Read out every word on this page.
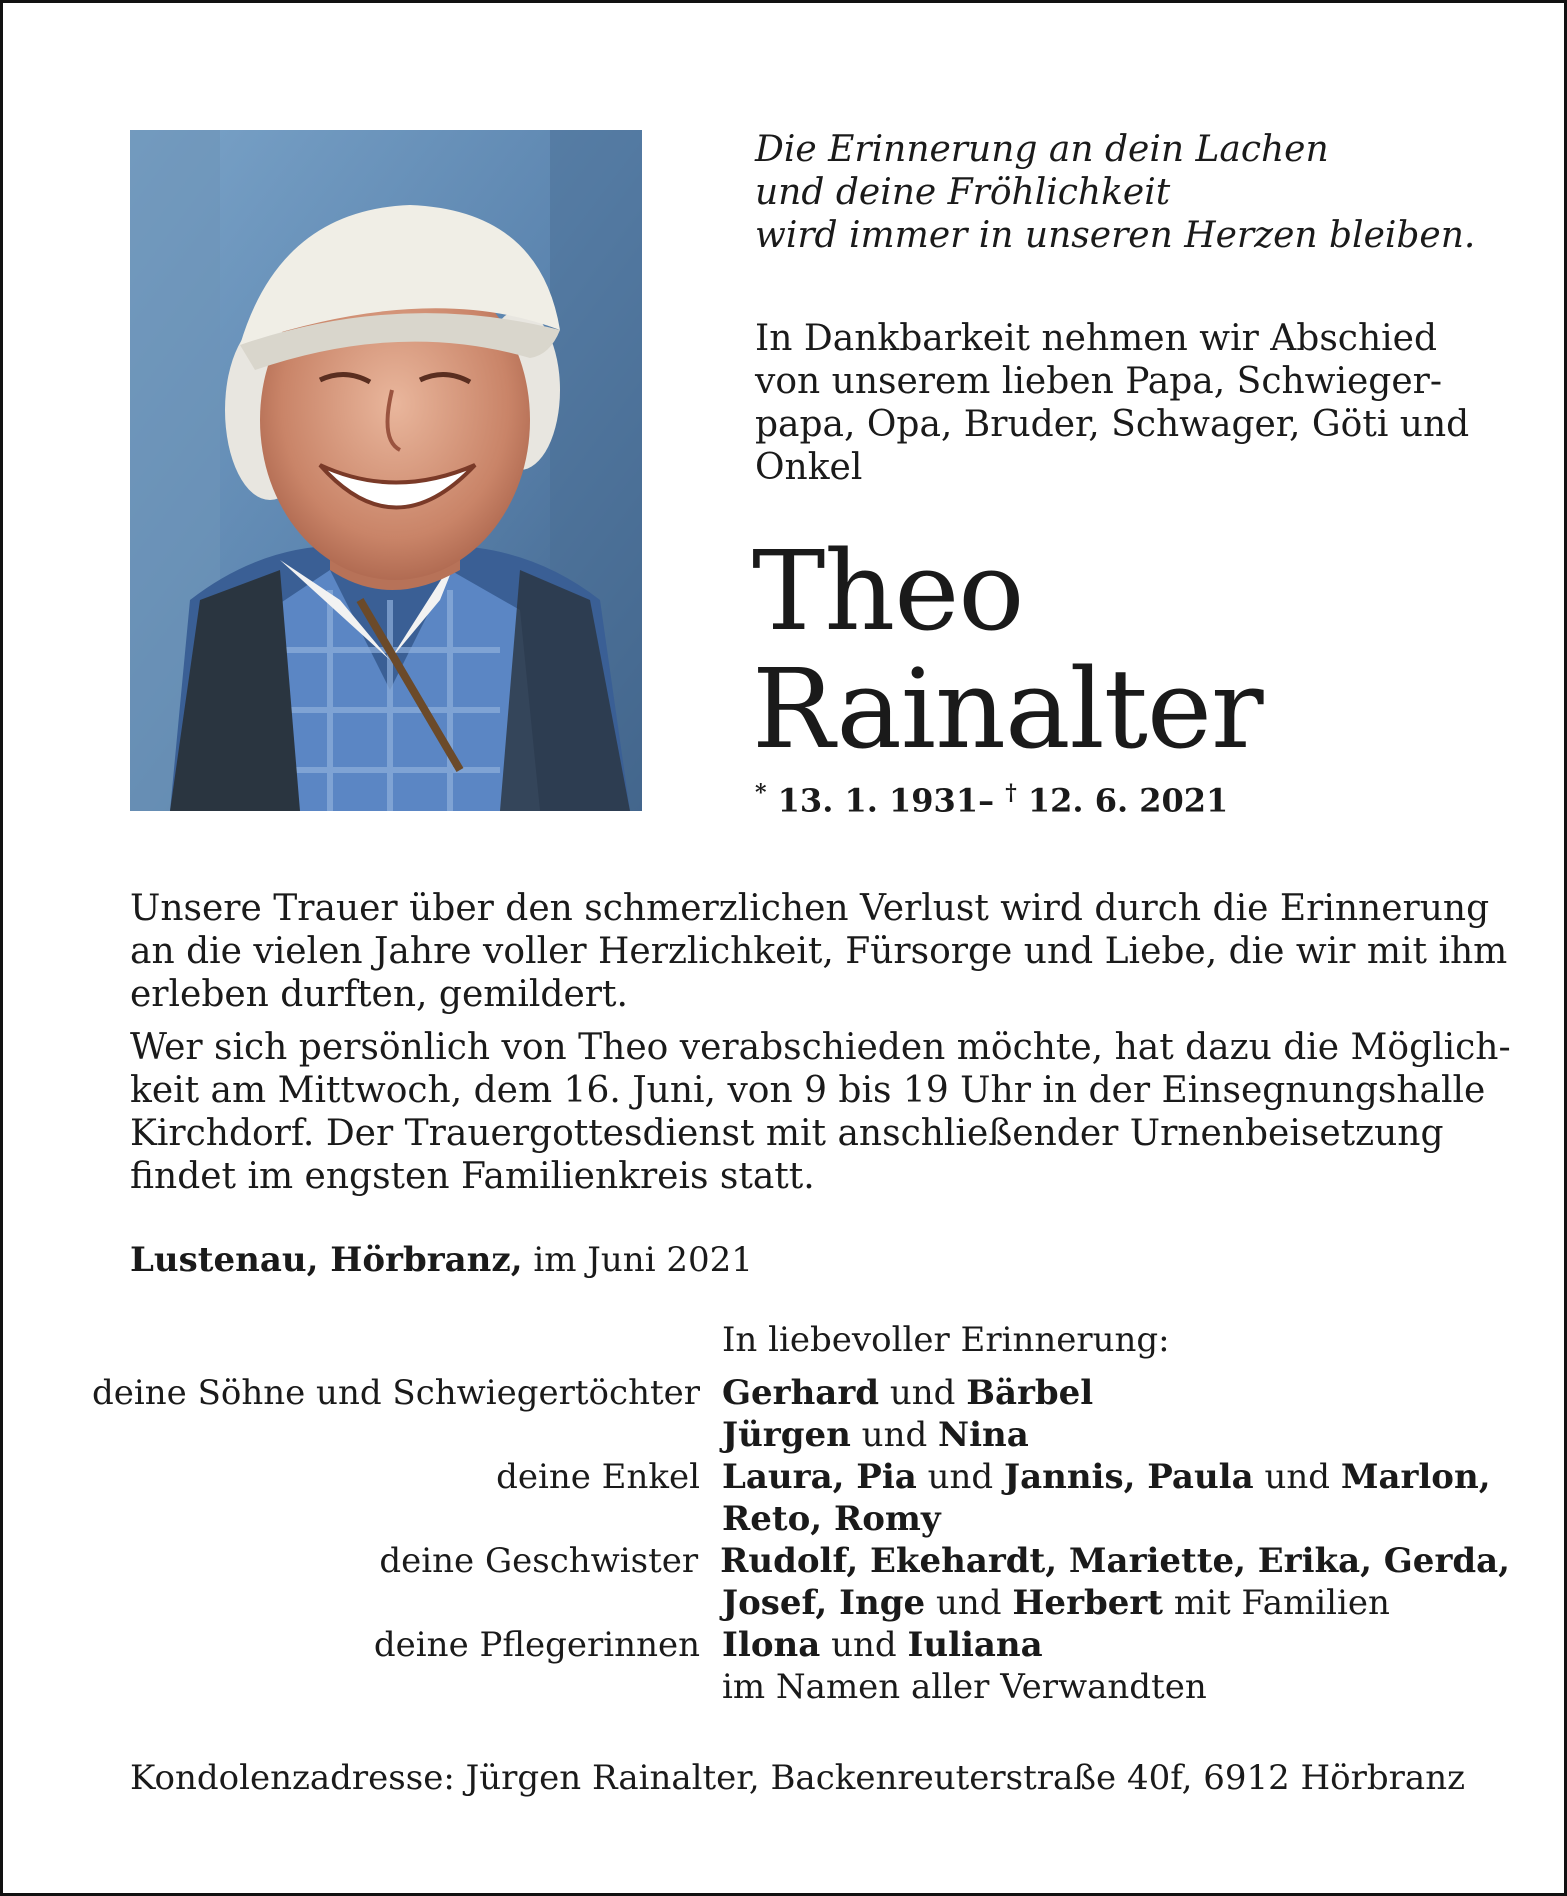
Die Erinnerung an dein Lachen
und deine Fröhlichkeit
wird immer in unseren Herzen bleiben.
In Dankbarkeit nehmen wir Abschied
von unserem lieben Papa, Schwieger-
papa, Opa, Bruder, Schwager, Göti und
Onkel
Theo
Rainalter
* 13. 1. 1931– † 12. 6. 2021
Unsere Trauer über den schmerzlichen Verlust wird durch die Erinnerung
an die vielen Jahre voller Herzlichkeit, Fürsorge und Liebe, die wir mit ihm
erleben durften, gemildert.
Wer sich persönlich von Theo verabschieden möchte, hat dazu die Möglich-
keit am Mittwoch, dem 16. Juni, von 9 bis 19 Uhr in der Einsegnungshalle
Kirchdorf. Der Trauergottesdienst mit anschließender Urnenbeisetzung
findet im engsten Familienkreis statt.
Lustenau, Hörbranz, im Juni 2021
In liebevoller Erinnerung:
deine Söhne und Schwiegertöchter Gerhard und Bärbel
Jürgen und Nina
deine Enkel Laura, Pia und Jannis, Paula und Marlon,
Reto, Romy
deine Geschwister Rudolf, Ekehardt, Mariette, Erika, Gerda,
Josef, Inge und Herbert mit Familien
deine Pflegerinnen Ilona und Iuliana
im Namen aller Verwandten
Kondolenzadresse: Jürgen Rainalter, Backenreuterstraße 40f, 6912 Hörbranz
